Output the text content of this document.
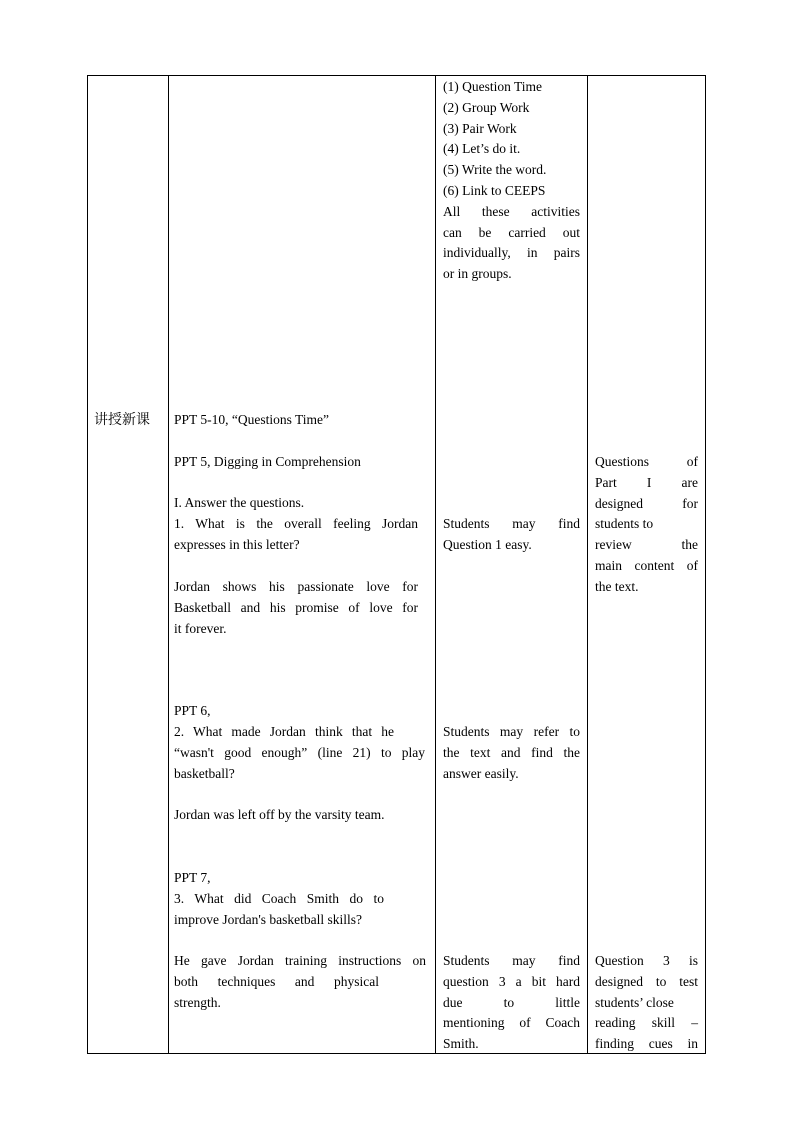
讲授新课
(1) Question Time
(2) Group Work
(3) Pair Work
(4) Let’s do it.
(5) Write the word.
(6) Link to CEEPS
All these activities
can be carried out
individually, in pairs
or in groups.
PPT 5-10, “Questions Time”
PPT 5, Digging in Comprehension
I. Answer the questions.
1. What is the overall feeling Jordan
expresses in this letter?
Jordan shows his passionate love for
Basketball and his promise of love for
it forever.
PPT 6,
2. What made Jordan think that he
“wasn't good enough” (line 21) to play
basketball?
Jordan was left off by the varsity team.
PPT 7,
3. What did Coach Smith do to
improve Jordan's basketball skills?
He gave Jordan training instructions on
both techniques and physical
strength.
Students may find
Question 1 easy.
Students may refer to
the text and find the
answer easily.
Students may find
question 3 a bit hard
due to little
mentioning of Coach
Smith.
Questions of
Part I are
designed for
students to
review the
main content of
the text.
Question 3 is
designed to test
students’ close
reading skill –
finding cues in
